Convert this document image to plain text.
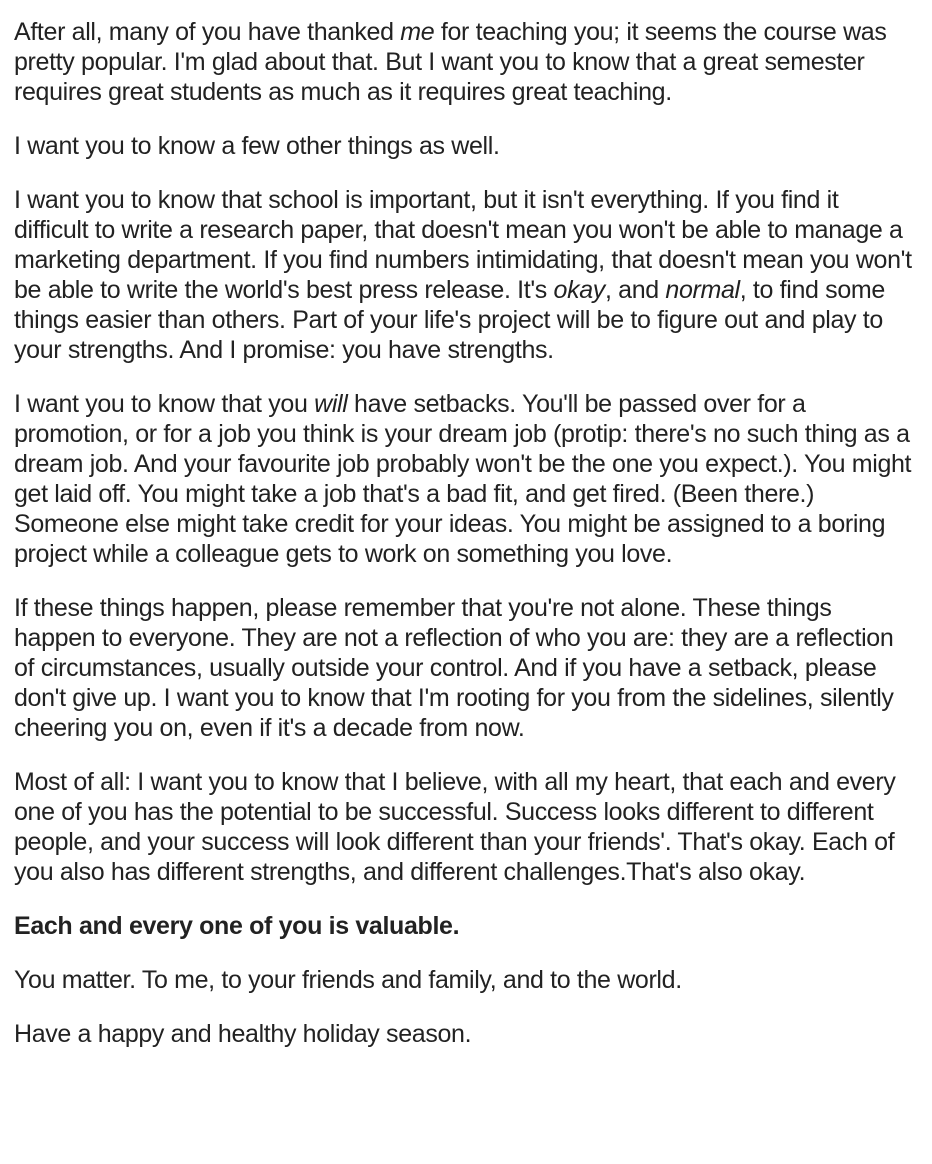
After all, many of you have thanked me for teaching you; it seems the course was pretty popular. I'm glad about that. But I want you to know that a great semester requires great students as much as it requires great teaching.

I want you to know a few other things as well.

I want you to know that school is important, but it isn't everything. If you find it difficult to write a research paper, that doesn't mean you won't be able to manage a marketing department. If you find numbers intimidating, that doesn't mean you won't be able to write the world's best press release. It's okay, and normal, to find some things easier than others. Part of your life's project will be to figure out and play to your strengths. And I promise: you have strengths.

I want you to know that you will have setbacks. You'll be passed over for a promotion, or for a job you think is your dream job (protip: there's no such thing as a dream job. And your favourite job probably won't be the one you expect.). You might get laid off. You might take a job that's a bad fit, and get fired. (Been there.) Someone else might take credit for your ideas. You might be assigned to a boring project while a colleague gets to work on something you love.

If these things happen, please remember that you're not alone. These things happen to everyone. They are not a reflection of who you are: they are a reflection of circumstances, usually outside your control. And if you have a setback, please don't give up. I want you to know that I'm rooting for you from the sidelines, silently cheering you on, even if it's a decade from now.

Most of all: I want you to know that I believe, with all my heart, that each and every one of you has the potential to be successful. Success looks different to different people, and your success will look different than your friends'. That's okay. Each of you also has different strengths, and different challenges.That's also okay.

Each and every one of you is valuable.

You matter. To me, to your friends and family, and to the world.

Have a happy and healthy holiday season.
